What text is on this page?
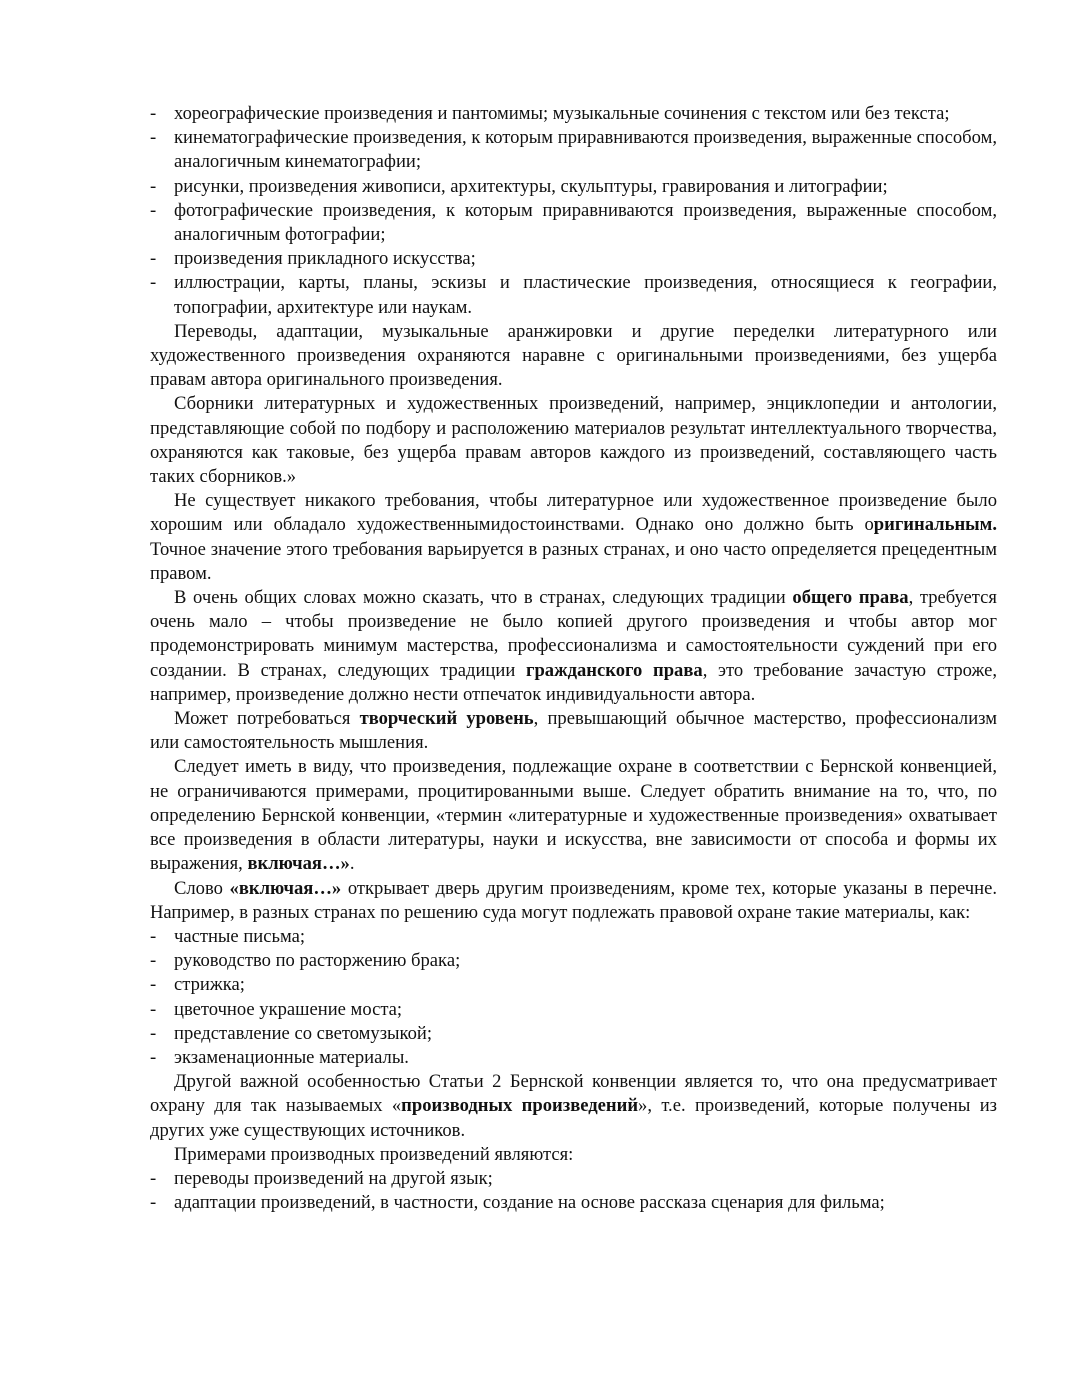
- хореографические произведения и пантомимы; музыкальные сочинения с текстом или без текста;

- кинематографические произведения, к которым приравниваются произведения, выраженные способом, аналогичным кинематографии;

- рисунки, произведения живописи, архитектуры, скульптуры, гравирования и литографии;

- фотографические произведения, к которым приравниваются произведения, выраженные способом, аналогичным фотографии;

- произведения прикладного искусства;

- иллюстрации, карты, планы, эскизы и пластические произведения, относящиеся к географии, топографии, архитектуре или наукам.

Переводы, адаптации, музыкальные аранжировки и другие переделки литературного или художественного произведения охраняются наравне с оригинальными произведениями, без ущерба правам автора оригинального произведения.

Сборники литературных и художественных произведений, например, энциклопедии и антологии, представляющие собой по подбору и расположению материалов результат интеллектуального творчества, охраняются как таковые, без ущерба правам авторов каждого из произведений, составляющего часть таких сборников.»

Не существует никакого требования, чтобы литературное или художественное произведение было хорошим или обладало художественнымидостоинствами. Однако оно должно быть оригинальным. Точное значение этого требования варьируется в разных странах, и оно часто определяется прецедентным правом.

В очень общих словах можно сказать, что в странах, следующих традиции общего права, требуется очень мало – чтобы произведение не было копией другого произведения и чтобы автор мог продемонстрировать минимум мастерства, профессионализма и самостоятельности суждений при его создании. В странах, следующих традиции гражданского права, это требование зачастую строже, например, произведение должно нести отпечаток индивидуальности автора.

Может потребоваться творческий уровень, превышающий обычное мастерство, профессионализм или самостоятельность мышления.

Следует иметь в виду, что произведения, подлежащие охране в соответствии с Бернской конвенцией, не ограничиваются примерами, процитированными выше. Следует обратить внимание на то, что, по определению Бернской конвенции, «термин «литературные и художественные произведения» охватывает все произведения в области литературы, науки и искусства, вне зависимости от способа и формы их выражения, включая…».

Слово «включая…» открывает дверь другим произведениям, кроме тех, которые указаны в перечне. Например, в разных странах по решению суда могут подлежать правовой охране такие материалы, как:

- частные письма;

- руководство по расторжению брака;

- стрижка;

- цветочное украшение моста;

- представление со светомузыкой;

- экзаменационные материалы.

Другой важной особенностью Статьи 2 Бернской конвенции является то, что она предусматривает охрану для так называемых «производных произведений», т.е. произведений, которые получены из других уже существующих источников.

Примерами производных произведений являются:

- переводы произведений на другой язык;

- адаптации произведений, в частности, создание на основе рассказа сценария для фильма;
